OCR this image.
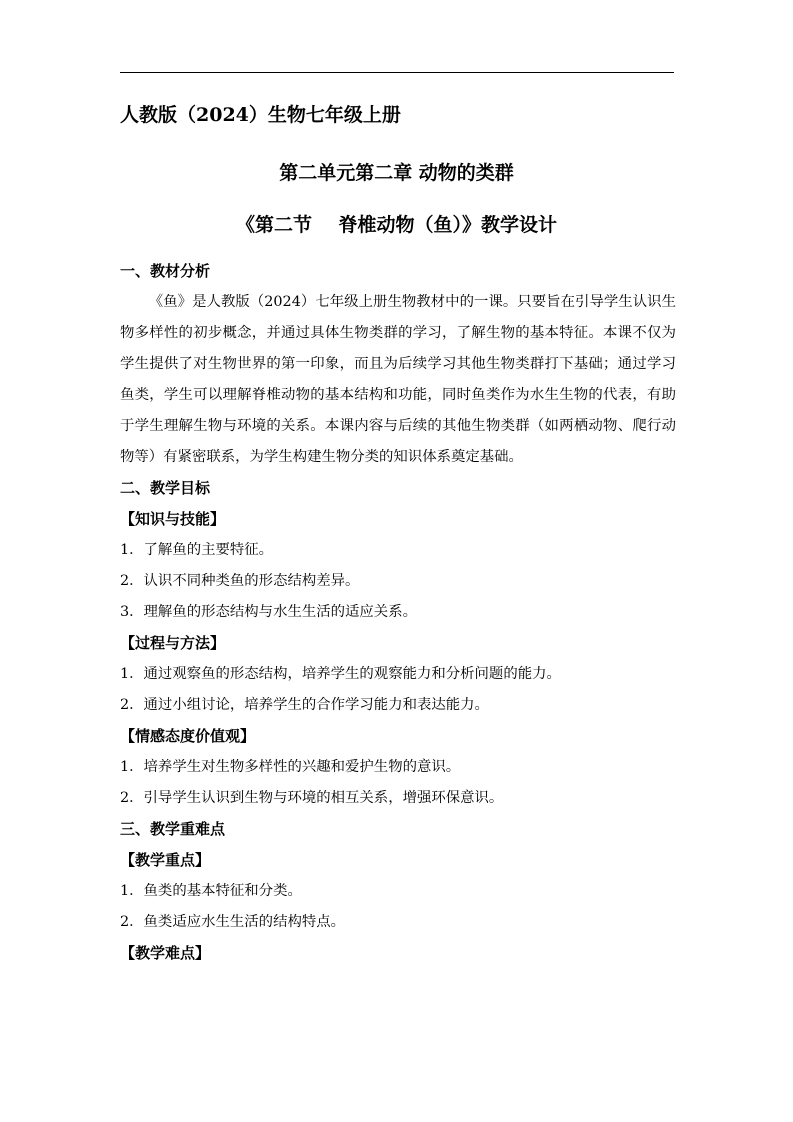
人教版（2024）生物七年级上册
第二单元第二章 动物的类群
《第二节    脊椎动物（鱼）》教学设计
一、教材分析

《鱼》是人教版（2024）七年级上册生物教材中的一课。只要旨在引导学生认识生物多样性的初步概念，并通过具体生物类群的学习，了解生物的基本特征。本课不仅为学生提供了对生物世界的第一印象，而且为后续学习其他生物类群打下基础；通过学习鱼类，学生可以理解脊椎动物的基本结构和功能，同时鱼类作为水生生物的代表，有助于学生理解生物与环境的关系。本课内容与后续的其他生物类群（如两栖动物、爬行动物等）有紧密联系，为学生构建生物分类的知识体系奠定基础。

二、教学目标
【知识与技能】
1．了解鱼的主要特征。
2．认识不同种类鱼的形态结构差异。
3．理解鱼的形态结构与水生生活的适应关系。
【过程与方法】
1．通过观察鱼的形态结构，培养学生的观察能力和分析问题的能力。
2．通过小组讨论，培养学生的合作学习能力和表达能力。
【情感态度价值观】
1．培养学生对生物多样性的兴趣和爱护生物的意识。
2．引导学生认识到生物与环境的相互关系，增强环保意识。
三、教学重难点
【教学重点】
1．鱼类的基本特征和分类。
2．鱼类适应水生生活的结构特点。
【教学难点】
